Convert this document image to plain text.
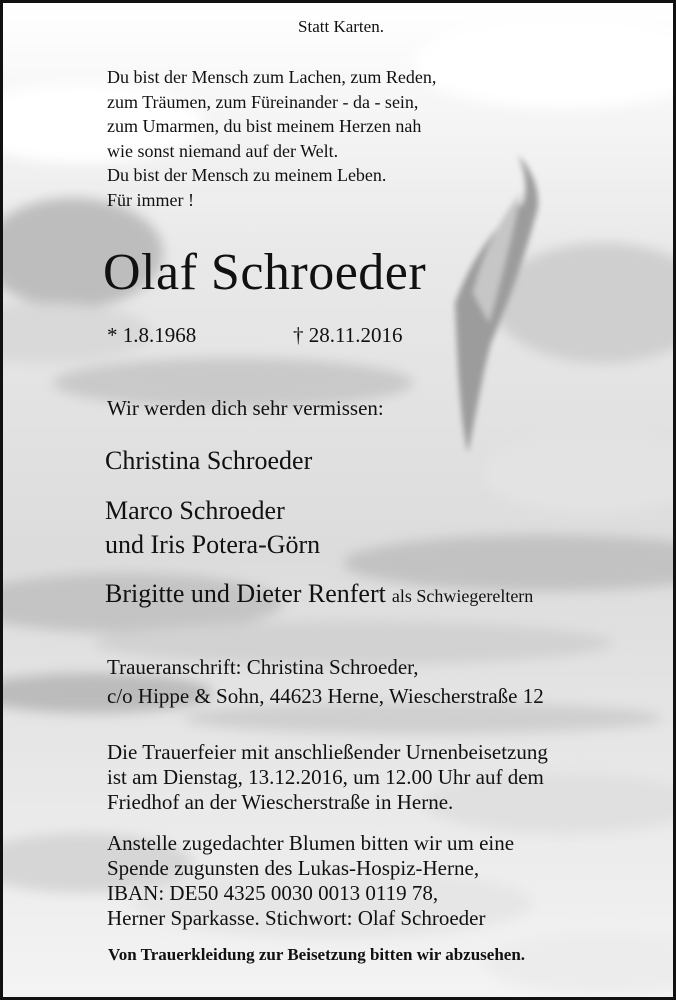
Statt Karten.
Du bist der Mensch zum Lachen, zum Reden,
zum Träumen, zum Füreinander - da - sein,
zum Umarmen, du bist meinem Herzen nah
wie sonst niemand auf der Welt.
Du bist der Mensch zu meinem Leben.
Für immer !
Olaf Schroeder
* 1.8.1968	† 28.11.2016
Wir werden dich sehr vermissen:
Christina Schroeder
Marco Schroeder
und Iris Potera-Görn
Brigitte und Dieter Renfert als Schwiegereltern
Traueranschrift: Christina Schroeder,
c/o Hippe & Sohn, 44623 Herne, Wiescherstraße 12
Die Trauerfeier mit anschließender Urnenbeisetzung
ist am Dienstag, 13.12.2016, um 12.00 Uhr auf dem
Friedhof an der Wiescherstraße in Herne.
Anstelle zugedachter Blumen bitten wir um eine
Spende zugunsten des Lukas-Hospiz-Herne,
IBAN: DE50 4325 0030 0013 0119 78,
Herner Sparkasse. Stichwort: Olaf Schroeder
Von Trauerkleidung zur Beisetzung bitten wir abzusehen.
